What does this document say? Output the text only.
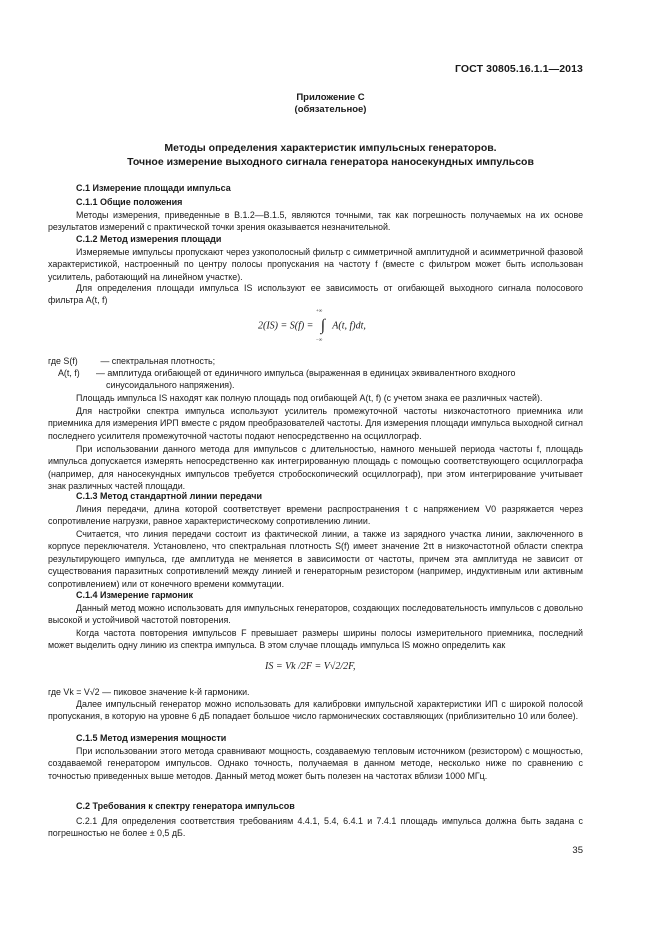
ГОСТ 30805.16.1.1—2013
Приложение С
(обязательное)
Методы определения характеристик импульсных генераторов.
Точное измерение выходного сигнала генератора наносекундных импульсов
С.1 Измерение площади импульса
С.1.1 Общие положения

Методы измерения, приведенные в В.1.2—В.1.5, являются точными, так как погрешность получаемых на их основе результатов измерений с практической точки зрения оказывается незначительной.

С.1.2 Метод измерения площади

Измеряемые импульсы пропускают через узкополосный фильтр с симметричной амплитудной и асимметричной фазовой характеристикой, настроенный по центру полосы пропускания на частоту f (вместе с фильтром может быть использован усилитель, работающий на линейном участке).

Для определения площади импульса IS используют ее зависимость от огибающей выходного сигнала полосового фильтра A(t, f)

2(IS) = S(f) =
+∞
∫
−∞
A(t, f)dt,
где S(f)	— спектральная плотность;
A(t, f)	— амплитуда огибающей от единичного импульса (выраженная в единицах эквивалентного входного синусоидального напряжения).

Площадь импульса IS находят как полную площадь под огибающей A(t, f) (с учетом знака ее различных частей).

Для настройки спектра импульса используют усилитель промежуточной частоты низкочастотного приемника или приемника для измерения ИРП вместе с рядом преобразователей частоты. Для измерения площади импульса выходной сигнал последнего усилителя промежуточной частоты подают непосредственно на осциллограф.

При использовании данного метода для импульсов с длительностью, намного меньшей периода частоты f, площадь импульса допускается измерять непосредственно как интегрированную площадь с помощью соответствующего осциллографа (например, для наносекундных импульсов требуется стробоскопический осциллограф), при этом интегрирование учитывает знак различных частей площади.

С.1.3 Метод стандартной линии передачи

Линия передачи, длина которой соответствует времени распространения t с напряжением V0 разряжается через сопротивление нагрузки, равное характеристическому сопротивлению линии.

Считается, что линия передачи состоит из фактической линии, а также из зарядного участка линии, заключенного в корпусе переключателя. Установлено, что спектральная плотность S(f) имеет значение 2τt в низкочастотной области спектра результирующего импульса, где амплитуда не меняется в зависимости от частоты, причем эта амплитуда не зависит от существования паразитных сопротивлений между линией и генераторным резистором (например, индуктивным или активным сопротивлением) или от конечного времени коммутации.

С.1.4 Измерение гармоник

Данный метод можно использовать для импульсных генераторов, создающих последовательность импульсов с довольно высокой и устойчивой частотой повторения.

Когда частота повторения импульсов F превышает размеры ширины полосы измерительного приемника, последний может выделить одну линию из спектра импульса. В этом случае площадь импульса IS можно определить как

IS = Vk /2F = V√2/2F,
где Vk = V√2 — пиковое значение k-й гармоники.

Далее импульсный генератор можно использовать для калибровки импульсной характеристики ИП с широкой полосой пропускания, в которую на уровне 6 дБ попадает большое число гармонических составляющих (приблизительно 10 или более).

С.1.5 Метод измерения мощности

При использовании этого метода сравнивают мощность, создаваемую тепловым источником (резистором) с мощностью, создаваемой генератором импульсов. Однако точность, получаемая в данном методе, несколько ниже по сравнению с точностью приведенных выше методов. Данный метод может быть полезен на частотах вблизи 1000 МГц.

С.2 Требования к спектру генератора импульсов

С.2.1 Для определения соответствия требованиям 4.4.1, 5.4, 6.4.1 и 7.4.1 площадь импульса должна быть задана с погрешностью не более ± 0,5 дБ.

35
